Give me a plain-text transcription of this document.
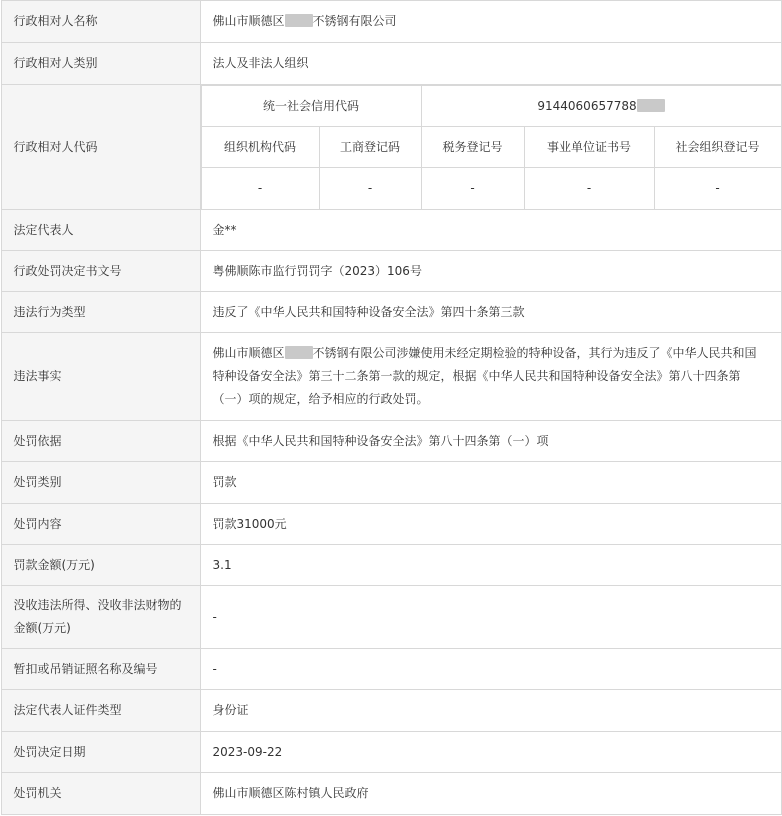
行政相对人名称	佛山市顺德区 不锈钢有限公司
行政相对人类别	法人及非法人组织
行政相对人代码	
统一社会信用代码	9144060657788
组织机构代码	工商登记码	税务登记号	事业单位证书号	社会组织登记号
-	-	-	-	-

法定代表人	金**
行政处罚决定书文号	粤佛顺陈市监行罚罚字（2023）106号
违法行为类型	违反了《中华人民共和国特种设备安全法》第四十条第三款
违法事实	佛山市顺德区 不锈钢有限公司涉嫌使用未经定期检验的特种设备，其行为违反了《中华人民共和国特种设备安全法》第三十二条第一款的规定，根据《中华人民共和国特种设备安全法》第八十四条第（一）项的规定，给予相应的行政处罚。
处罚依据	根据《中华人民共和国特种设备安全法》第八十四条第（一）项
处罚类别	罚款
处罚内容	罚款31000元
罚款金额(万元)	3.1
没收违法所得、没收非法财物的金额(万元)	-
暂扣或吊销证照名称及编号	-
法定代表人证件类型	身份证
处罚决定日期	2023-09-22
处罚机关	佛山市顺德区陈村镇人民政府
